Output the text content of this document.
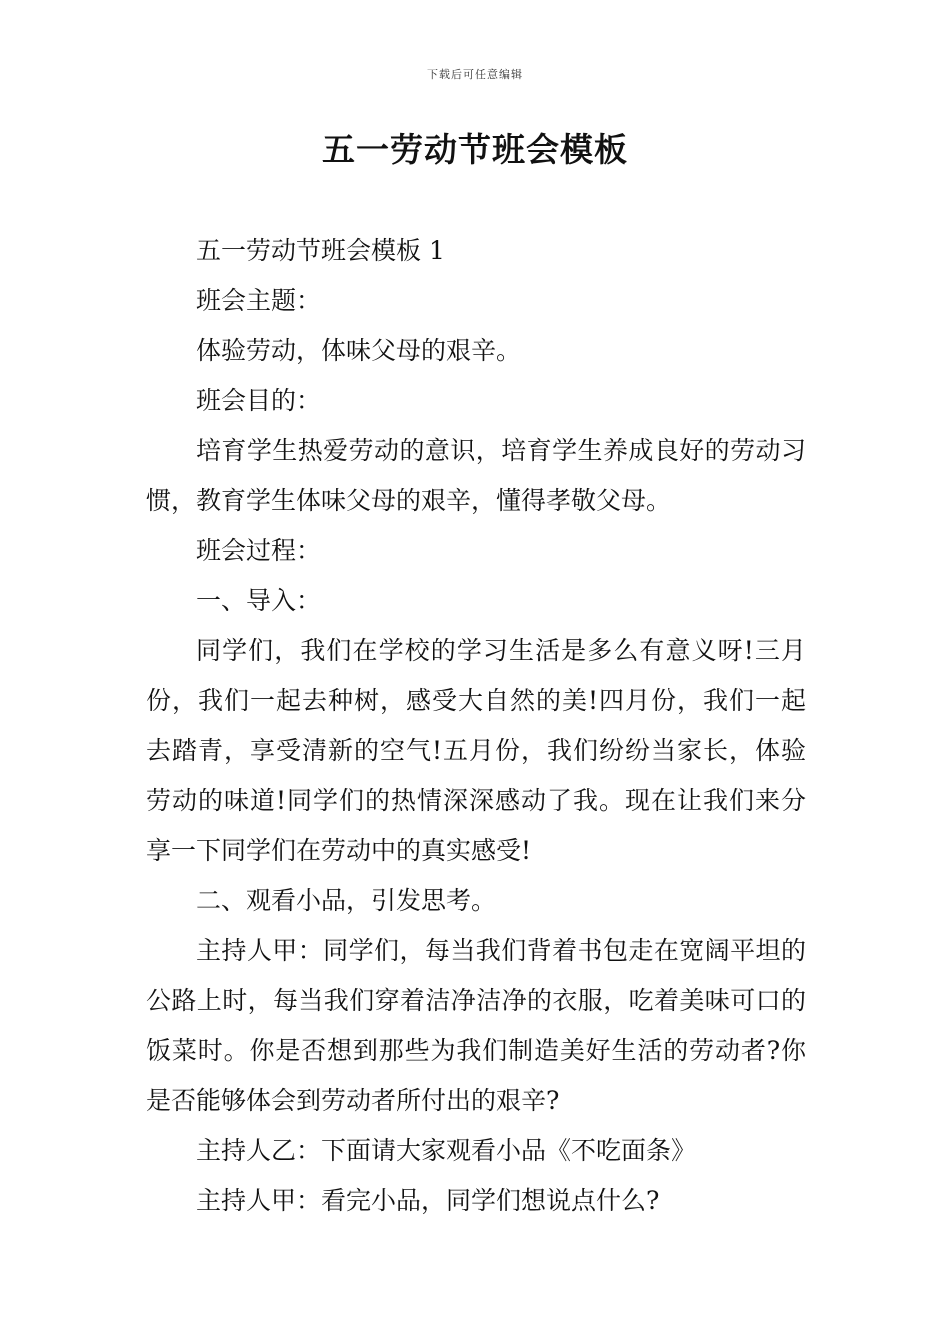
下载后可任意编辑
五一劳动节班会模板

五一劳动节班会模板 1

班会主题：

体验劳动，体味父母的艰辛。

班会目的：

培育学生热爱劳动的意识，培育学生养成良好的劳动习惯，教育学生体味父母的艰辛，懂得孝敬父母。

班会过程：

一、导入：

同学们，我们在学校的学习生活是多么有意义呀!三月份，我们一起去种树，感受大自然的美!四月份，我们一起去踏青，享受清新的空气!五月份，我们纷纷当家长，体验劳动的味道!同学们的热情深深感动了我。现在让我们来分享一下同学们在劳动中的真实感受!

二、观看小品，引发思考。

主持人甲：同学们，每当我们背着书包走在宽阔平坦的公路上时，每当我们穿着洁净洁净的衣服，吃着美味可口的饭菜时。你是否想到那些为我们制造美好生活的劳动者?你是否能够体会到劳动者所付出的艰辛?

主持人乙：下面请大家观看小品《不吃面条》

主持人甲：看完小品，同学们想说点什么?
